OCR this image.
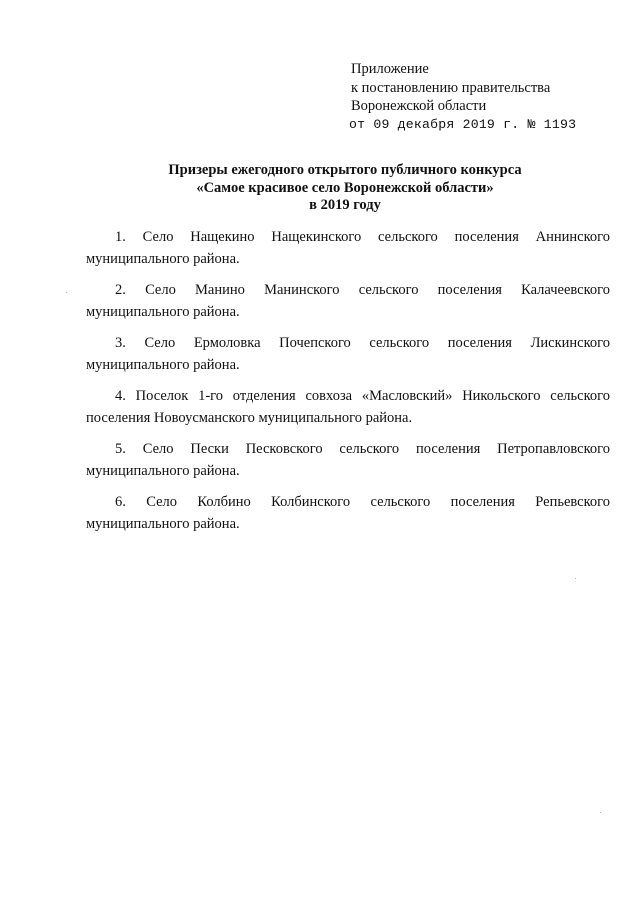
Приложение
к постановлению правительства
Воронежской области
от 09 декабря 2019 г. № 1193
Призеры ежегодного открытого публичного конкурса
«Самое красивое село Воронежской области»
в 2019 году
1. Село Нащекино Нащекинского сельского поселения Аннинского
муниципального района.
2. Село Манино Манинского сельского поселения Калачеевского
муниципального района.
3. Село Ермоловка Почепского сельского поселения Лискинского
муниципального района.
4. Поселок 1-го отделения совхоза «Масловский» Никольского сельского
поселения Новоусманского муниципального района.
5. Село Пески Песковского сельского поселения Петропавловского
муниципального района.
6. Село Колбино Колбинского сельского поселения Репьевского
муниципального района.
